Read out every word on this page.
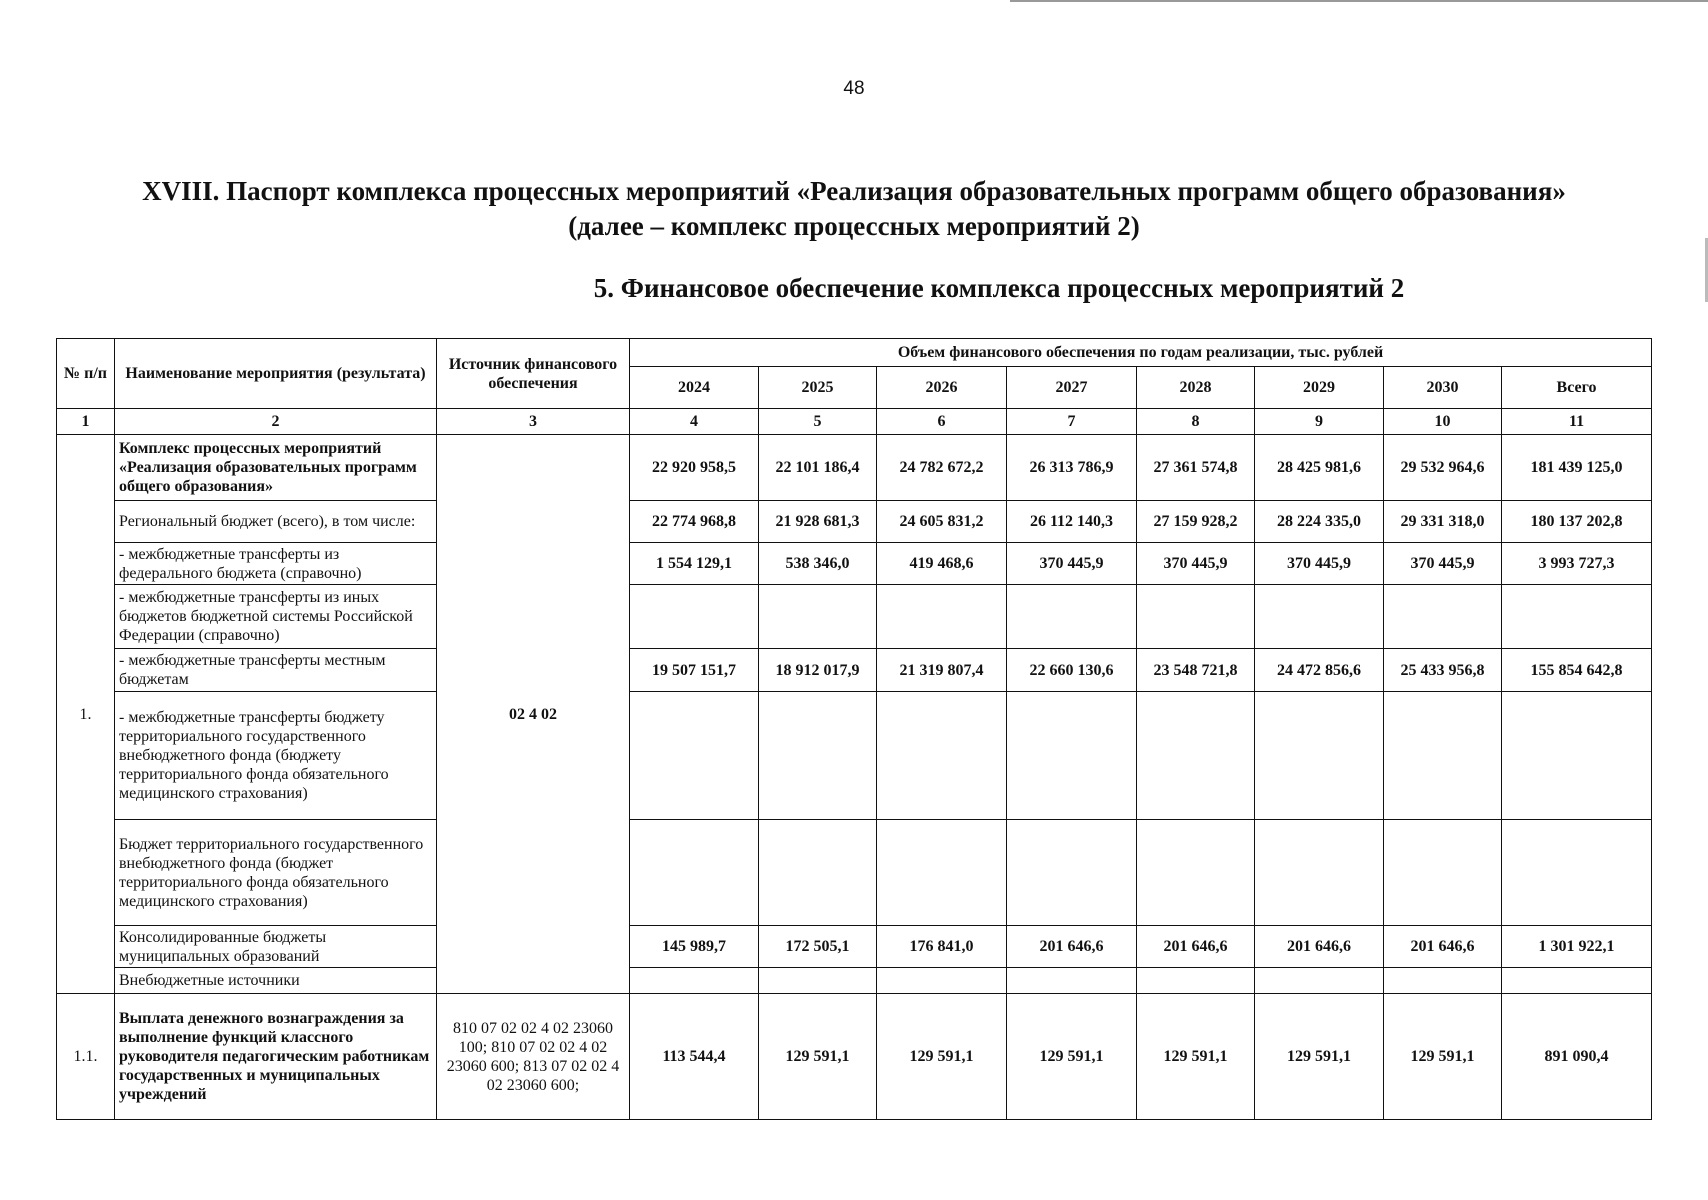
48
XVIII. Паспорт комплекса процессных мероприятий «Реализация образовательных программ общего образования»
(далее – комплекс процессных мероприятий 2)
5. Финансовое обеспечение комплекса процессных мероприятий 2
№ п/п	Наименование мероприятия (результата)	Источник финансового обеспечения	Объем финансового обеспечения по годам реализации, тыс. рублей							
			2024	2025	2026	2027	2028	2029	2030	Всего
1	2	3	4	5	6	7	8	9	10	11
1.	Комплекс процессных мероприятий «Реализация образовательных программ общего образования»	02 4 02	22 920 958,5	22 101 186,4	24 782 672,2	26 313 786,9	27 361 574,8	28 425 981,6	29 532 964,6	181 439 125,0
	Региональный бюджет (всего), в том числе:		22 774 968,8	21 928 681,3	24 605 831,2	26 112 140,3	27 159 928,2	28 224 335,0	29 331 318,0	180 137 202,8
	- межбюджетные трансферты из федерального бюджета (справочно)		1 554 129,1	538 346,0	419 468,6	370 445,9	370 445,9	370 445,9	370 445,9	3 993 727,3
	- межбюджетные трансферты из иных бюджетов бюджетной системы Российской Федерации (справочно)									
	- межбюджетные трансферты местным бюджетам		19 507 151,7	18 912 017,9	21 319 807,4	22 660 130,6	23 548 721,8	24 472 856,6	25 433 956,8	155 854 642,8
	- межбюджетные трансферты бюджету территориального государственного внебюджетного фонда (бюджету территориального фонда обязательного медицинского страхования)									
	Бюджет территориального государственного внебюджетного фонда (бюджет территориального фонда обязательного медицинского страхования)									
	Консолидированные бюджеты муниципальных образований		145 989,7	172 505,1	176 841,0	201 646,6	201 646,6	201 646,6	201 646,6	1 301 922,1
	Внебюджетные источники									
1.1.	Выплата денежного вознаграждения за выполнение функций классного руководителя педагогическим работникам государственных и муниципальных учреждений	810 07 02 02 4 02 23060 100; 810 07 02 02 4 02 23060 600; 813 07 02 02 4 02 23060 600;	113 544,4	129 591,1	129 591,1	129 591,1	129 591,1	129 591,1	129 591,1	891 090,4
